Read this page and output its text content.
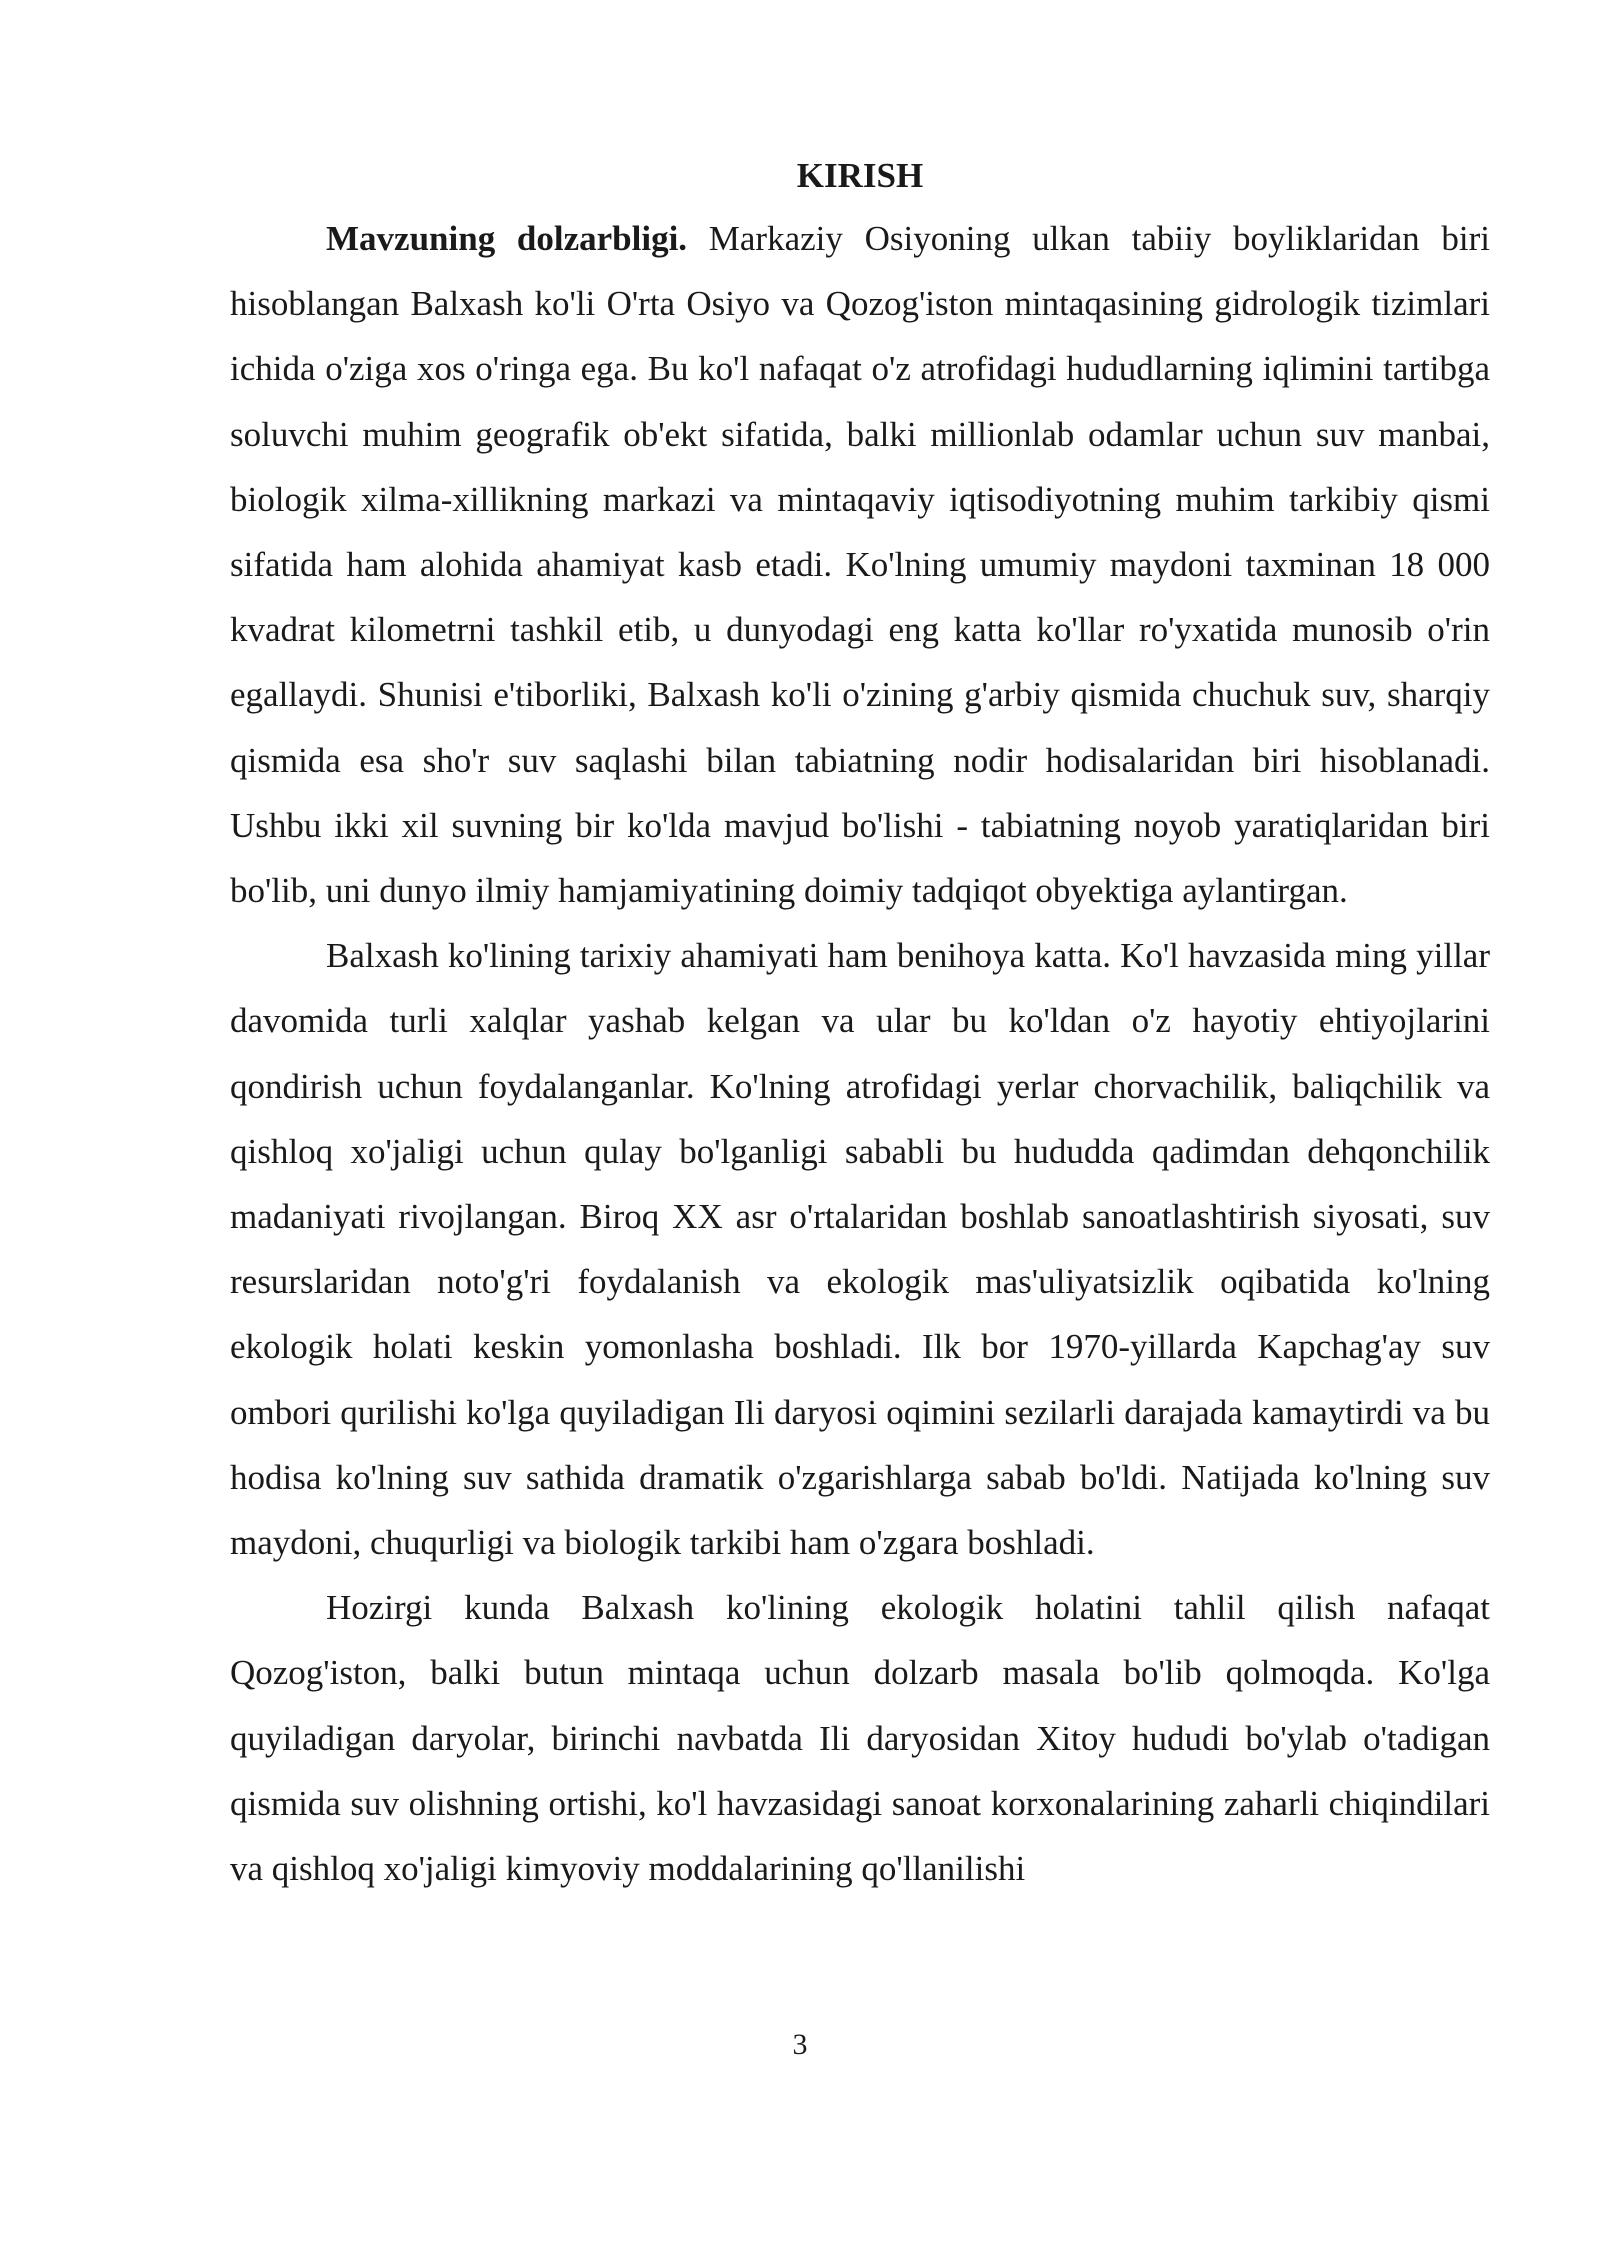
KIRISH

Mavzuning dolzarbligi. Markaziy Osiyoning ulkan tabiiy boyliklaridan biri hisoblangan Balxash ko'li O'rta Osiyo va Qozog'iston mintaqasining gidrologik tizimlari ichida o'ziga xos o'ringa ega. Bu ko'l nafaqat o'z atrofidagi hududlarning iqlimini tartibga soluvchi muhim geografik ob'ekt sifatida, balki millionlab odamlar uchun suv manbai, biologik xilma-xillikning markazi va mintaqaviy iqtisodiyotning muhim tarkibiy qismi sifatida ham alohida ahamiyat kasb etadi. Ko'lning umumiy maydoni taxminan 18 000 kvadrat kilometrni tashkil etib, u dunyodagi eng katta ko'llar ro'yxatida munosib o'rin egallaydi. Shunisi e'tiborliki, Balxash ko'li o'zining g'arbiy qismida chuchuk suv, sharqiy qismida esa sho'r suv saqlashi bilan tabiatning nodir hodisalaridan biri hisoblanadi. Ushbu ikki xil suvning bir ko'lda mavjud bo'lishi - tabiatning noyob yaratiqlaridan biri bo'lib, uni dunyo ilmiy hamjamiyatining doimiy tadqiqot obyektiga aylantirgan.

Balxash ko'lining tarixiy ahamiyati ham benihoya katta. Ko'l havzasida ming yillar davomida turli xalqlar yashab kelgan va ular bu ko'ldan o'z hayotiy ehtiyojlarini qondirish uchun foydalanganlar. Ko'lning atrofidagi yerlar chorvachilik, baliqchilik va qishloq xo'jaligi uchun qulay bo'lganligi sababli bu hududda qadimdan dehqonchilik madaniyati rivojlangan. Biroq XX asr o'rtalaridan boshlab sanoatlashtirish siyosati, suv resurslaridan noto'g'ri foydalanish va ekologik mas'uliyatsizlik oqibatida ko'lning ekologik holati keskin yomonlasha boshladi. Ilk bor 1970-yillarda Kapchag'ay suv ombori qurilishi ko'lga quyiladigan Ili daryosi oqimini sezilarli darajada kamaytirdi va bu hodisa ko'lning suv sathida dramatik o'zgarishlarga sabab bo'ldi. Natijada ko'lning suv maydoni, chuqurligi va biologik tarkibi ham o'zgara boshladi.

Hozirgi kunda Balxash ko'lining ekologik holatini tahlil qilish nafaqat Qozog'iston, balki butun mintaqa uchun dolzarb masala bo'lib qolmoqda. Ko'lga quyiladigan daryolar, birinchi navbatda Ili daryosidan Xitoy hududi bo'ylab o'tadigan qismida suv olishning ortishi, ko'l havzasidagi sanoat korxonalarining zaharli chiqindilari va qishloq xo'jaligi kimyoviy moddalarining qo'llanilishi

3
